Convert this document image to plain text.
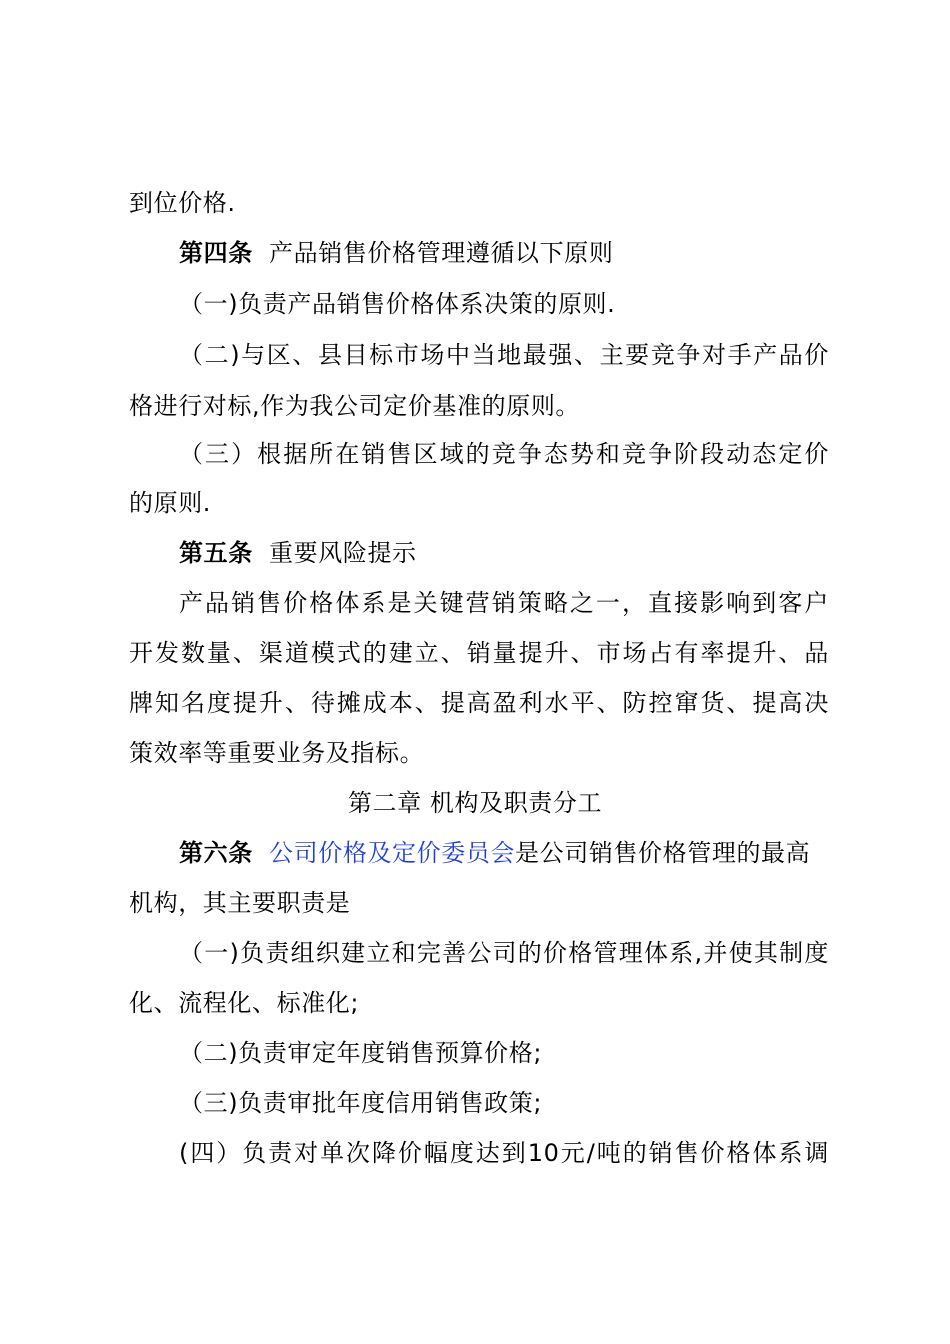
到位价格.
第四条 产品销售价格管理遵循以下原则
（一)负责产品销售价格体系决策的原则.
（二)与区、县目标市场中当地最强、主要竞争对手产品价
格进行对标,作为我公司定价基准的原则。
（三）根据所在销售区域的竞争态势和竞争阶段动态定价
的原则.
第五条 重要风险提示
产品销售价格体系是关键营销策略之一，直接影响到客户
开发数量、渠道模式的建立、销量提升、市场占有率提升、品
牌知名度提升、待摊成本、提高盈利水平、防控窜货、提高决
策效率等重要业务及指标。
第二章 机构及职责分工
第六条 公司价格及定价委员会是公司销售价格管理的最高
机构，其主要职责是
（一)负责组织建立和完善公司的价格管理体系,并使其制度
化、流程化、标准化;
（二)负责审定年度销售预算价格;
（三)负责审批年度信用销售政策;
(四）负责对单次降价幅度达到10元/吨的销售价格体系调
